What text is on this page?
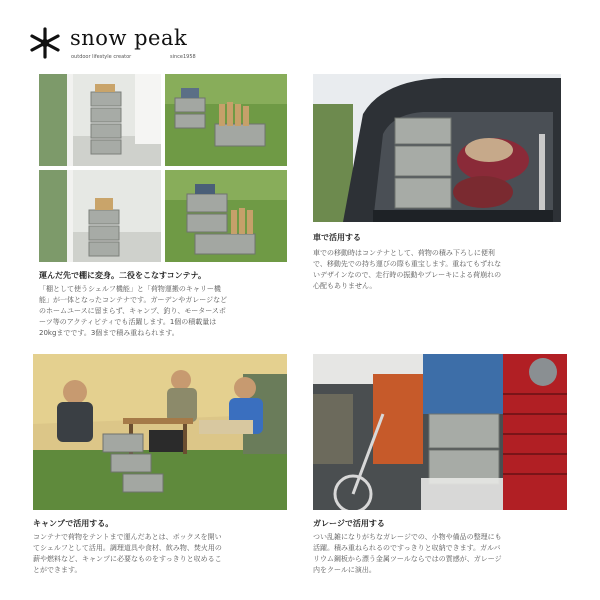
snow peak
outdoor lifestyle creator	since1958
運んだ先で棚に変身。二役をこなすコンテナ。
「棚として使うシェルフ機能」と「荷物運搬のキャリー機
能」が一体となったコンテナです。ガーデンやガレージなど
のホームユースに留まらず、キャンプ、釣り、モータースポ
ーツ等のアクティビティでも活躍します。1個の積載量は
20kgまでです。3個まで積み重ねられます。
車で活用する
車での移動時はコンテナとして、荷物の積み下ろしに便利
で、移動先での持ち運びの際も重宝します。重ねてもずれな
いデザインなので、走行時の振動やブレーキによる荷崩れの
心配もありません。
キャンプで活用する。
コンテナで荷物をテントまで運んだあとは、ボックスを開い
てシェルフとして活用。調理道具や食材、飲み物、焚火用の
薪や燃料など、キャンプに必要なものをすっきりと収めるこ
とができます。
ガレージで活用する
つい乱雑になりがちなガレージでの、小物や備品の整理にも
活躍。積み重ねられるのですっきりと収納できます。ガルバ
リウム鋼板から漂う金属ツールならではの質感が、ガレージ
内をクールに演出。
